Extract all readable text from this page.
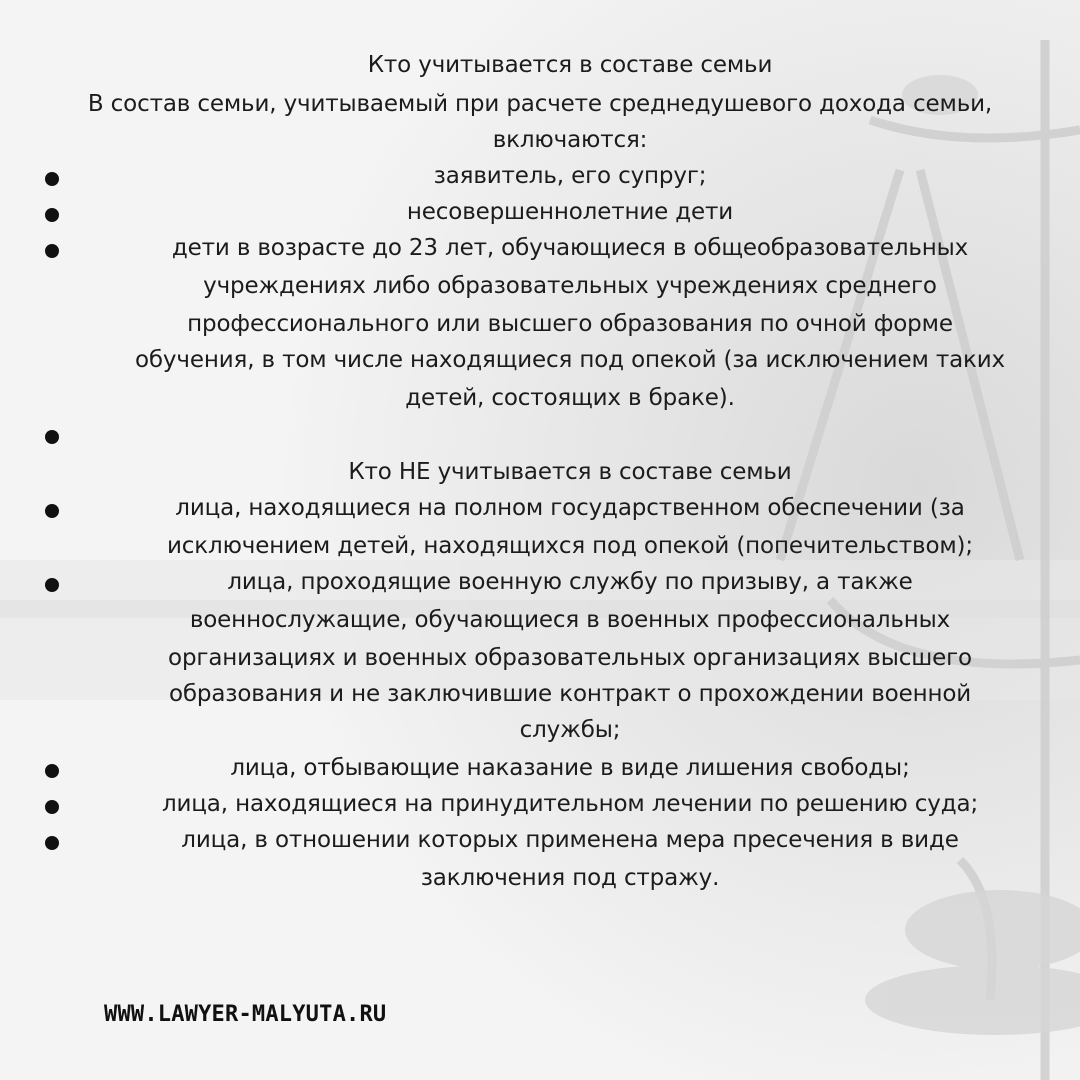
Кто учитывается в составе семьи
В состав семьи, учитываемый при расчете среднедушевого дохода семьи,
включаются:
заявитель, его супруг;
несовершеннолетние дети
дети в возрасте до 23 лет, обучающиеся в общеобразовательных
учреждениях либо образовательных учреждениях среднего
профессионального или высшего образования по очной форме
обучения, в том числе находящиеся под опекой (за исключением таких
детей, состоящих в браке).
Кто НЕ учитывается в составе семьи
лица, находящиеся на полном государственном обеспечении (за
исключением детей, находящихся под опекой (попечительством);
лица, проходящие военную службу по призыву, а также
военнослужащие, обучающиеся в военных профессиональных
организациях и военных образовательных организациях высшего
образования и не заключившие контракт о прохождении военной
службы;
лица, отбывающие наказание в виде лишения свободы;
лица, находящиеся на принудительном лечении по решению суда;
лица, в отношении которых применена мера пресечения в виде
заключения под стражу.
WWW.LAWYER-MALYUTA.RU
